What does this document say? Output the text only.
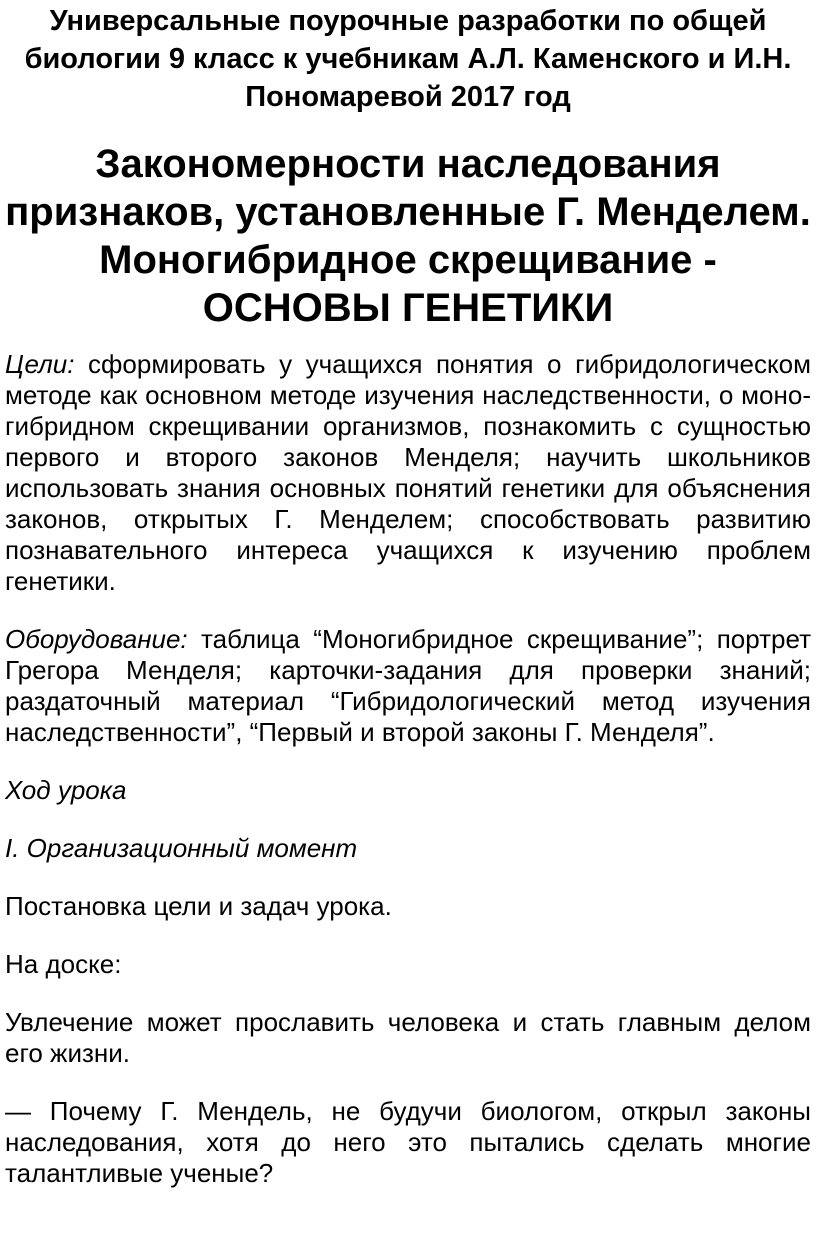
Универсальные поурочные разработки по общей биологии 9 класс к учебникам А.Л. Каменского и И.Н. Пономаревой 2017 год
Закономерности наследования признаков, установленные Г. Менделем. Моногибридное скрещивание - ОСНОВЫ ГЕНЕТИКИ

Цели: сформировать у учащихся понятия о гибридологическом методе как основном методе изучения наследственности, о моно- гибридном скрещивании организмов, познакомить с сущностью первого и второго законов Менделя; научить школьников использовать знания основных понятий генетики для объяснения законов, открытых Г. Менделем; способствовать развитию познавательного интереса учащихся к изучению проблем генетики.

Оборудование: таблица “Моногибридное скрещивание”; портрет Грегора Менделя; карточки-задания для проверки знаний; раздаточный материал “Гибридологический метод изучения наследственности”, “Первый и второй законы Г. Менделя”.

Ход урока

I. Организационный момент

Постановка цели и задач урока.

На доске:

Увлечение может прославить человека и стать главным делом его жизни.

— Почему Г. Мендель, не будучи биологом, открыл законы наследования, хотя до него это пытались сделать многие талантливые ученые?
